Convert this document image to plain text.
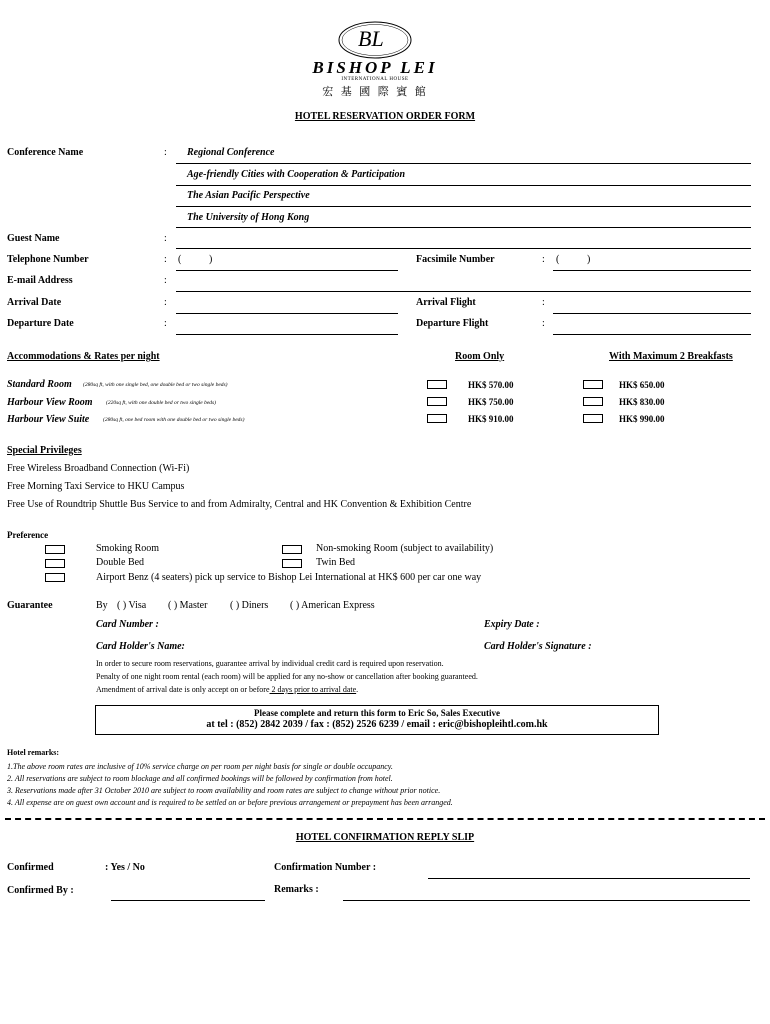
BL
BISHOP LEI
INTERNATIONAL HOUSE
宏 基 國 際 賓 館
HOTEL RESERVATION ORDER FORM
Conference Name	: Regional Conference
Age-friendly Cities with Cooperation & Participation
The Asian Pacific Perspective
The University of Hong Kong
Guest Name	:
Telephone Number	: (	)	Facsimile Number	: (	)
E-mail Address	:
Arrival Date	:	Arrival Flight	:
Departure Date	:	Departure Flight	:
Accommodations & Rates per night	Room Only	With Maximum 2 Breakfasts
Standard Room (280sq ft, with one single bed, one double bed or two single beds)	HK$ 570.00	HK$ 650.00
Harbour View Room (220sq ft, with one double bed or two single beds)	HK$ 750.00	HK$ 830.00
Harbour View Suite	(280sq ft, one bed room with one double bed or two single beds)	HK$ 910.00	HK$ 990.00
Special Privileges
Free Wireless Broadband Connection (Wi-Fi)
Free Morning Taxi Service to HKU Campus
Free Use of Roundtrip Shuttle Bus Service to and from Admiralty, Central and HK Convention & Exhibition Centre
Preference
Smoking Room	Non-smoking Room (subject to availability)
Double Bed	Twin Bed
Airport Benz (4 seaters) pick up service to Bishop Lei International at HK$ 600 per car one way
Guarantee	By ( ) Visa ( ) Master ( ) Diners ( ) American Express
Card Number :	Expiry Date :
Card Holder's Name:	Card Holder's Signature :
In order to secure room reservations, guarantee arrival by individual credit card is required upon reservation.
Penalty of one night room rental (each room) will be applied for any no-show or cancellation after booking guaranteed.
Amendment of arrival date is only accept on or before 2 days prior to arrival date.
Please complete and return this form to Eric So, Sales Executive
at tel : (852) 2842 2039 / fax : (852) 2526 6239 / email : eric@bishopleihtl.com.hk
Hotel remarks:
1.The above room rates are inclusive of 10% service charge on per room per night basis for single or double occupancy.
2. All reservations are subject to room blockage and all confirmed bookings will be followed by confirmation from hotel.
3. Reservations made after 31 October 2010 are subject to room availability and room rates are subject to change without prior notice.
4. All expense are on guest own account and is required to be settled on or before previous arrangement or prepayment has been arranged.
HOTEL CONFIRMATION REPLY SLIP
Confirmed	: Yes / No	Confirmation Number :
Confirmed By :	Remarks :
